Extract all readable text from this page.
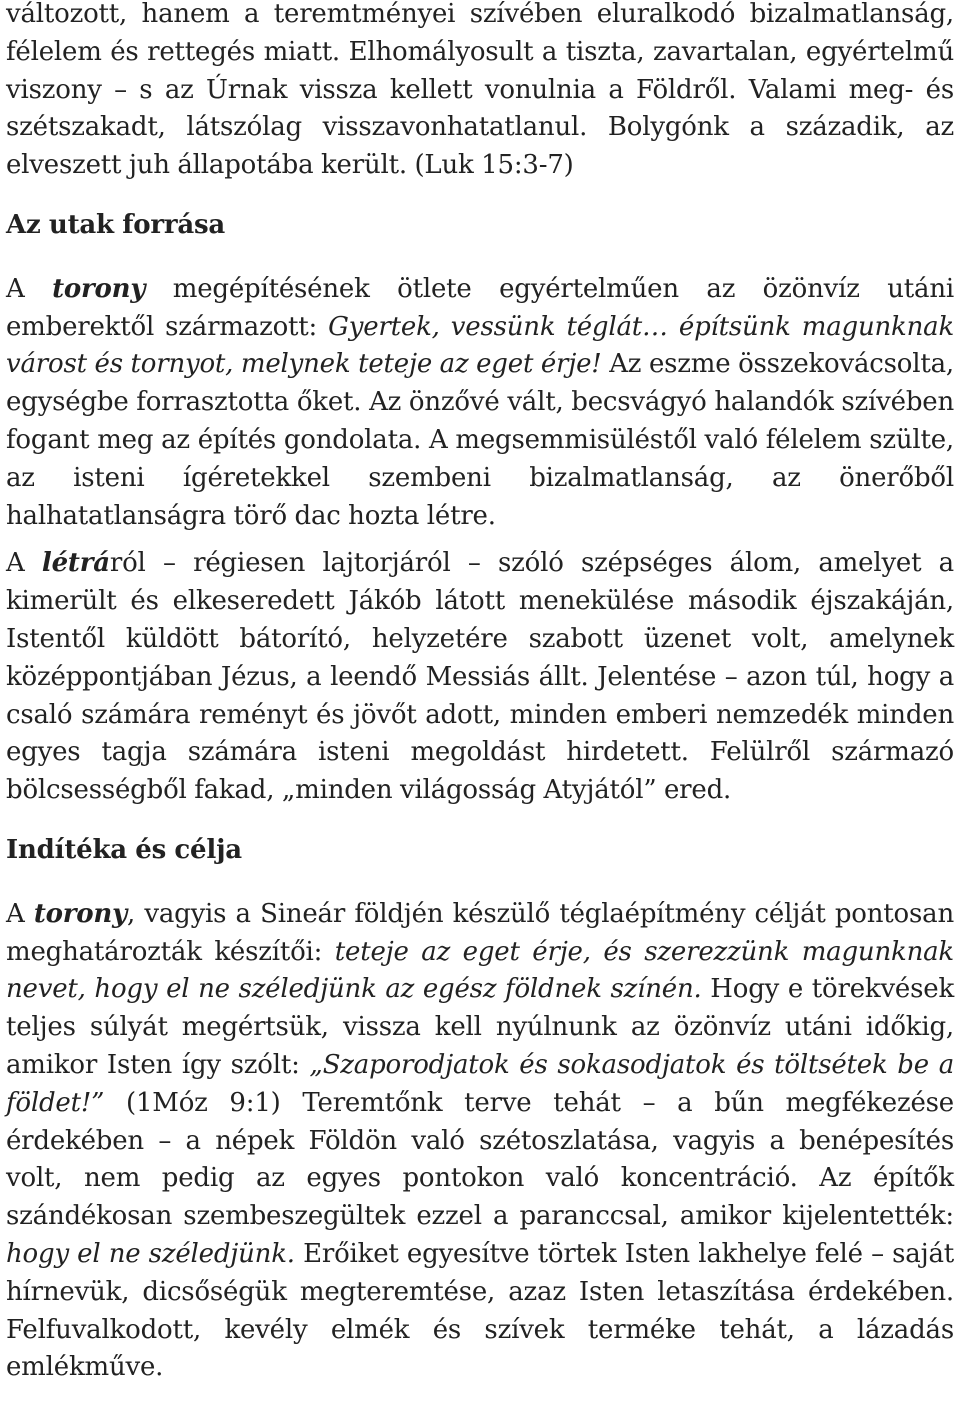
változott, hanem a teremtményei szívében eluralkodó bizalmatlanság, félelem és rettegés miatt. Elhomályosult a tiszta, zavartalan, egyértelmű viszony – s az Úrnak vissza kellett vonulnia a Földről. Valami meg- és szétszakadt, látszólag visszavonhatatlanul. Bolygónk a századik, az elveszett juh állapotába került. (Luk 15:3-7)

Az utak forrása

A torony megépítésének ötlete egyértelműen az özönvíz utáni emberektől származott: Gyertek, vessünk téglát… építsünk magunknak várost és tornyot, melynek teteje az eget érje! Az eszme összekovácsolta, egységbe forrasztotta őket. Az önzővé vált, becsvágyó halandók szívében fogant meg az építés gondolata. A megsemmisüléstől való félelem szülte, az isteni ígéretekkel szembeni bizalmatlanság, az önerőből halhatatlanságra törő dac hozta létre.

A létráról – régiesen lajtorjáról – szóló szépséges álom, amelyet a kimerült és elkeseredett Jákób látott menekülése második éjszakáján, Istentől küldött bátorító, helyzetére szabott üzenet volt, amelynek középpontjában Jézus, a leendő Messiás állt. Jelentése – azon túl, hogy a csaló számára reményt és jövőt adott, minden emberi nemzedék minden egyes tagja számára isteni megoldást hirdetett. Felülről származó bölcsességből fakad, „minden világosság Atyjától” ered.

Indítéka és célja

A torony, vagyis a Sineár földjén készülő téglaépítmény célját pontosan meghatározták készítői: teteje az eget érje, és szerezzünk magunknak nevet, hogy el ne széledjünk az egész földnek színén. Hogy e törekvések teljes súlyát megértsük, vissza kell nyúlnunk az özönvíz utáni időkig, amikor Isten így szólt: „Szaporodjatok és sokasodjatok és töltsétek be a földet!” (1Móz 9:1) Teremtőnk terve tehát – a bűn megfékezése érdekében – a népek Földön való szétoszlatása, vagyis a benépesítés volt, nem pedig az egyes pontokon való koncentráció. Az építők szándékosan szembeszegültek ezzel a paranccsal, amikor kijelentették: hogy el ne széledjünk. Erőiket egyesítve törtek Isten lakhelye felé – saját hírnevük, dicsőségük megteremtése, azaz Isten letaszítása érdekében. Felfuvalkodott, kevély elmék és szívek terméke tehát, a lázadás emlékműve.
